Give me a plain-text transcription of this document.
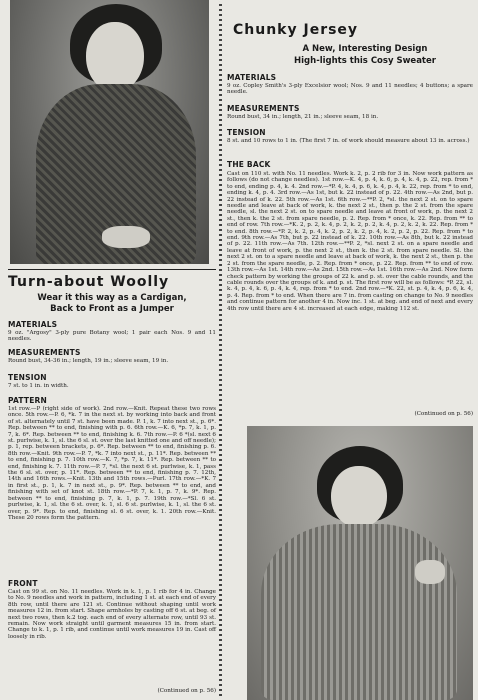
Turn-about Woolly

Wear it this way as a Cardigan,

Back to Front as a Jumper

MATERIALS

9 oz. "Argosy" 3-ply pure Botany wool; 1 pair each Nos. 9 and 11 needles.

MEASUREMENTS

Round bust, 34-36 in.; length, 19 in.; sleeve seam, 19 in.

TENSION

7 st. to 1 in. in width.

PATTERN

1st row.—P (right side of work). 2nd row.—Knit. Repeat these two rows once. 5th row.—P. 6, *k. 7 in the next st. by working into back and front of st. alternately until 7 st. have been made. P. 1, k. 7 into next st., p. 6*. Rep. between ** to end, finishing with p. 6. 6th row.—K. 6, *p. 7, k. 1, p. 7, k. 6*. Rep. between ** to end, finishing k. 6. 7th row.—P. 6 *(sl. next 6 st. purlwise, k. 1, sl. the 6 sl. st. over the last knitted one and off needle); p. 1, rep. between brackets, p. 6*. Rep. between ** to end, finishing p. 6. 8th row.—Knit. 9th row.—P. 7, *k. 7 into next st., p. 11*. Rep. between ** to end, finishing p. 7. 10th row.—K. 7, *p. 7, k. 11*. Rep. between ** to end, finishing k. 7. 11th row.—P. 7, *sl. the next 6 st. purlwise, k. 1, pass the 6 sl. st. over, p. 11*. Rep. between ** to end, finishing p. 7. 12th, 14th and 16th rows.—Knit. 13th and 15th rows.—Purl. 17th row.—*K. 7 in first st., p. 1, k. 7 in next st., p. 9*. Rep. between ** to end, and finishing with set of knot st. 18th row.—*P. 7, k. 1, p. 7, k. 9*. Rep. between ** to end, finishing p. 7, k. 1, p. 7. 19th row.—*Sl. 6 st. purlwise, k. 1, sl. the 6 st. over, k. 1, sl. 6 st. purlwise, k. 1, sl. the 6 st. over, p. 9*. Rep. to end, finishing sl. 6 st. over, k. 1. 20th row.—Knit. These 20 rows form the pattern.

FRONT

Cast on 99 st. on No. 11 needles. Work in k. 1, p. 1 rib for 4 in. Change to No. 9 needles and work in pattern, including 1 st. at each end of every 8th row, until there are 121 st. Continue without shaping until work measures 12 in. from start. Shape armholes by casting off 6 st. at beg. of next two rows, then k.2 tog. each end of every alternate row, until 93 st. remain. Now work straight until garment measures 15 in. from start. Change to k. 1, p. 1 rib, and continue until work measures 19 in. Cast off loosely in rib.

(Continued on p. 56)

Chunky Jersey

A New, Interesting Design

High-lights this Cosy Sweater

MATERIALS

9 oz. Copley Smith's 3-ply Excelsior wool; Nos. 9 and 11 needles; 4 buttons; a spare needle.

MEASUREMENTS

Round bust, 34 in.; length, 21 in.; sleeve seam, 18 in.

TENSION

8 st. and 10 rows to 1 in. (The first 7 in. of work should measure about 13 in. across.)

THE BACK

Cast on 110 st. with No. 11 needles. Work k. 2, p. 2 rib for 3 in. Now work pattern as follows (do not change needles). 1st row.—K. 4, p. 4, k. 6, p. 4, k. 4, p. 22, rep. from * to end, ending p. 4, k. 4. 2nd row.—*P. 4, k. 4, p. 6, k. 4, p. 4, k. 22, rep. from * to end, ending k. 4, p. 4. 3rd row.—As 1st, but k. 22 instead of p. 22. 4th row.—As 2nd, but p. 22 instead of k. 22. 5th row.—As 1st. 6th row.—**P. 2, *sl. the next 2 st. on to spare needle and leave at back of work, k. the next 2 st., then p. the 2 st. from the spare needle, sl. the next 2 st. on to spare needle and leave at front of work, p. the next 2 st., then k. the 2 st. from spare needle, p. 2. Rep. from * once, k. 22. Rep. from ** to end of row. 7th row.—*K. 2, p. 2, k. 4, p. 2, k. 2, p. 2, k. 4, p. 2, k. 2, k. 22. Rep. from * to end. 8th row.—*P. 2, k. 2, p. 4, k. 2, p. 2, k. 2, p. 4, k. 2, p. 2, p. 22. Rep. from * to end. 9th row.—As 7th, but p. 22 instead of k. 22. 10th row.—As 8th, but k. 22 instead of p. 22. 11th row.—As 7th. 12th row.—**P. 2, *sl. next 2 st. on a spare needle and leave at front of work, p. the next 2 st., then k. the 2 st. from spare needle. Sl. the next 2 st. on to a spare needle and leave at back of work, k. the next 2 st., then p. the 2 st. from the spare needle, p. 2. Rep. from * once, p. 22. Rep. from ** to end of row. 13th row.—As 1st. 14th row.—As 2nd. 15th row.—As 1st. 16th row.—As 2nd. Now form check pattern by working the groups of 22 k. and p. st. over the cable rounds, and the cable rounds over the groups of k. and p. st. The first row will be as follows: *P. 22, sl. k. 4, p. 4, k. 6, p. 4, k. 4, rep. from * to end. 2nd row.—*K. 22, st. p. 4, k. 4, p. 6, k. 4, p. 4. Rep. from * to end. When there are 7 in. from casting on change to No. 9 needles and continue pattern for another 4 in. Now inc. 1 st. at beg. and end of next and every 4th row until there are 4 st. increased at each edge, making 112 st.

(Continued on p. 56)
